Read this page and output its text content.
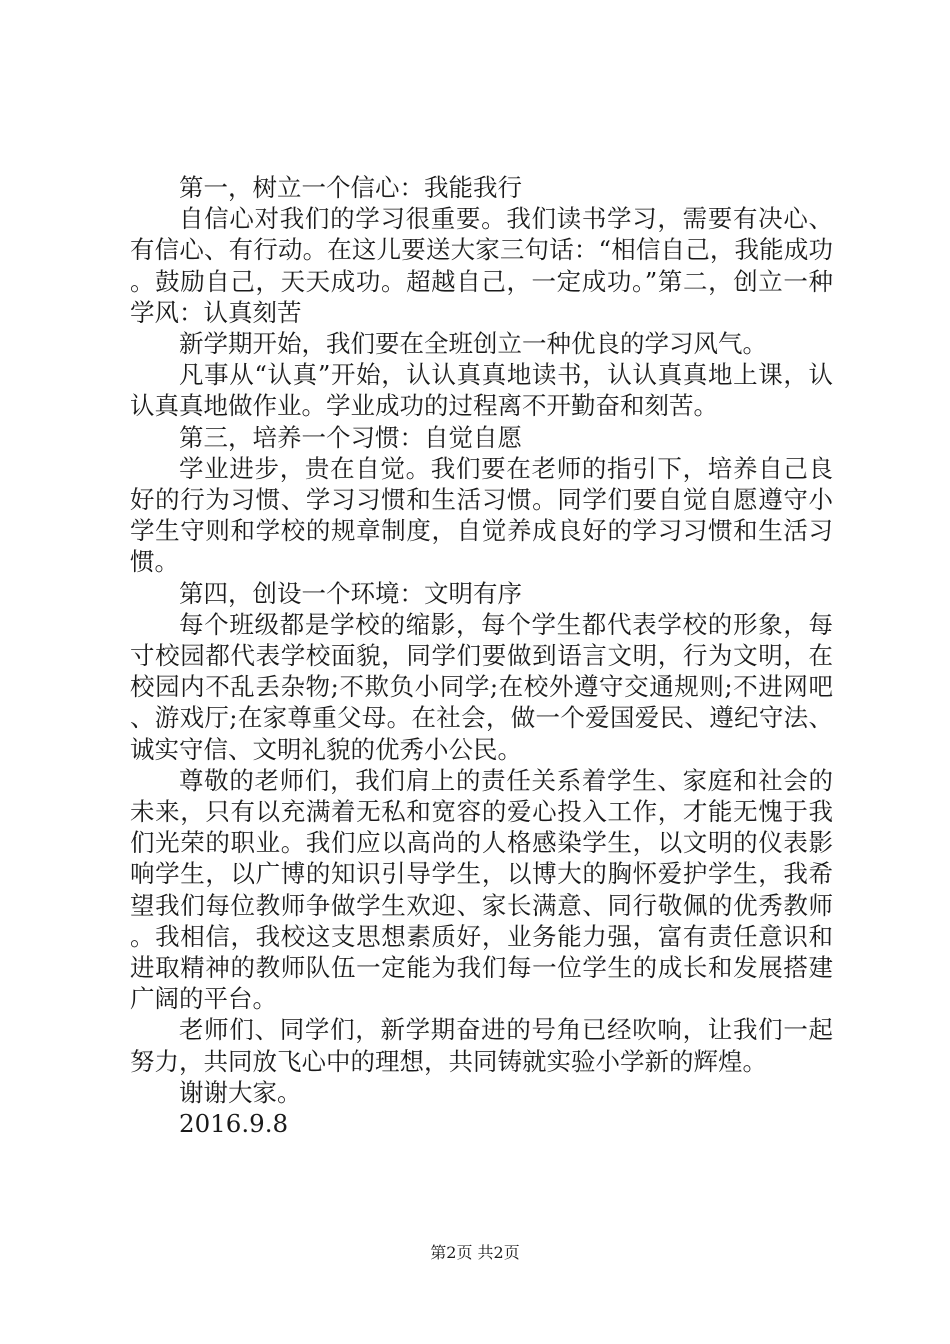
第一，树立一个信心：我能我行

自信心对我们的学习很重要。我们读书学习，需要有决心、有信心、有行动。在这儿要送大家三句话：“相信自己，我能成功。鼓励自己，天天成功。超越自己，一定成功。”第二，创立一种学风：认真刻苦

新学期开始，我们要在全班创立一种优良的学习风气。

凡事从“认真”开始，认认真真地读书，认认真真地上课，认认真真地做作业。学业成功的过程离不开勤奋和刻苦。

第三，培养一个习惯：自觉自愿

学业进步，贵在自觉。我们要在老师的指引下，培养自己良好的行为习惯、学习习惯和生活习惯。同学们要自觉自愿遵守小学生守则和学校的规章制度，自觉养成良好的学习习惯和生活习惯。

第四，创设一个环境：文明有序

每个班级都是学校的缩影，每个学生都代表学校的形象，每寸校园都代表学校面貌，同学们要做到语言文明，行为文明，在校园内不乱丢杂物;不欺负小同学;在校外遵守交通规则;不进网吧、游戏厅;在家尊重父母。在社会，做一个爱国爱民、遵纪守法、诚实守信、文明礼貌的优秀小公民。

尊敬的老师们，我们肩上的责任关系着学生、家庭和社会的未来，只有以充满着无私和宽容的爱心投入工作，才能无愧于我们光荣的职业。我们应以高尚的人格感染学生，以文明的仪表影响学生，以广博的知识引导学生，以博大的胸怀爱护学生，我希望我们每位教师争做学生欢迎、家长满意、同行敬佩的优秀教师。我相信，我校这支思想素质好，业务能力强，富有责任意识和进取精神的教师队伍一定能为我们每一位学生的成长和发展搭建广阔的平台。

老师们、同学们，新学期奋进的号角已经吹响，让我们一起努力，共同放飞心中的理想，共同铸就实验小学新的辉煌。

谢谢大家。

2016.9.8

第2页 共2页
